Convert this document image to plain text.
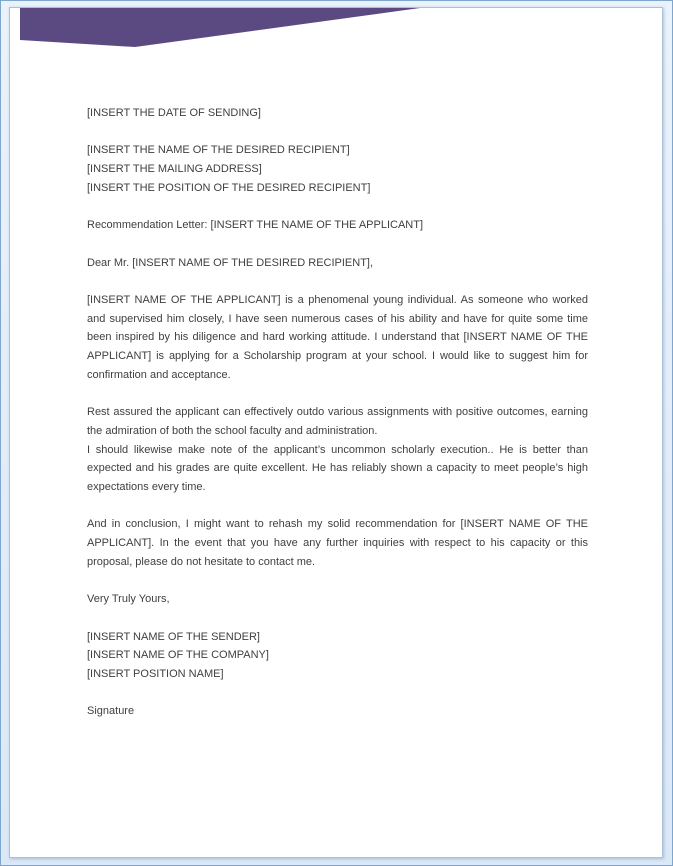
[INSERT THE DATE OF SENDING]

[INSERT THE NAME OF THE DESIRED RECIPIENT]

[INSERT THE MAILING ADDRESS]

[INSERT THE POSITION OF THE DESIRED RECIPIENT]

Recommendation Letter: [INSERT THE NAME OF THE APPLICANT]

Dear Mr. [INSERT NAME OF THE DESIRED RECIPIENT],

[INSERT NAME OF THE APPLICANT] is a phenomenal young individual. As someone who worked and supervised him closely, I have seen numerous cases of his ability and have for quite some time been inspired by his diligence and hard working attitude. I understand that [INSERT NAME OF THE APPLICANT] is applying for a Scholarship program at your school. I would like to suggest him for confirmation and acceptance.

Rest assured the applicant can effectively outdo various assignments with positive outcomes, earning the admiration of both the school faculty and administration.

I should likewise make note of the applicant’s uncommon scholarly execution.. He is better than expected and his grades are quite excellent. He has reliably shown a capacity to meet people’s high expectations every time.

And in conclusion, I might want to rehash my solid recommendation for [INSERT NAME OF THE APPLICANT]. In the event that you have any further inquiries with respect to his capacity or this proposal, please do not hesitate to contact me.

Very Truly Yours,

[INSERT NAME OF THE SENDER]

[INSERT NAME OF THE COMPANY]

[INSERT POSITION NAME]

Signature
